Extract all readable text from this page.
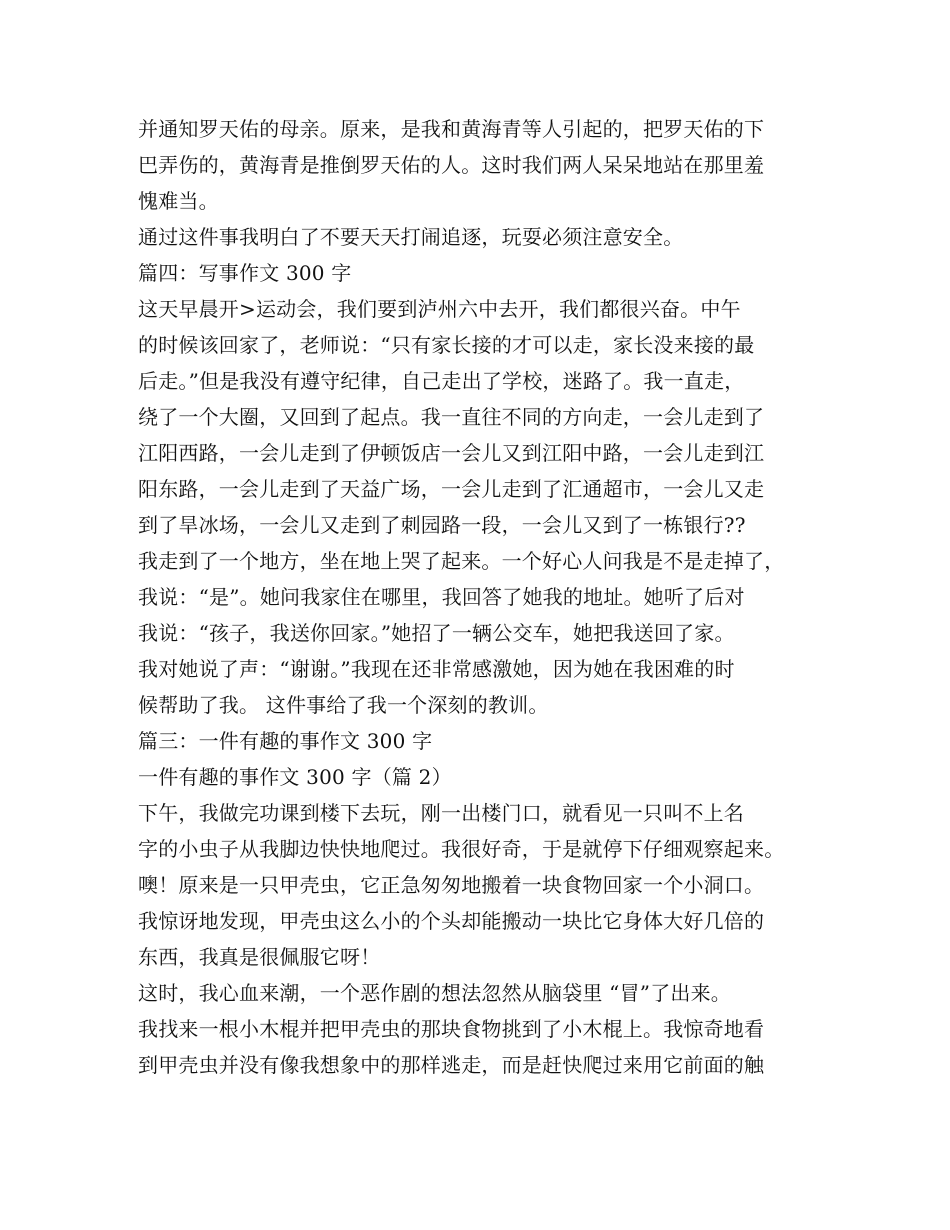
并通知罗天佑的母亲。原来，是我和黄海青等人引起的，把罗天佑的下
巴弄伤的，黄海青是推倒罗天佑的人。这时我们两人呆呆地站在那里羞
愧难当。
通过这件事我明白了不要天天打闹追逐，玩耍必须注意安全。
篇四：写事作文 300 字
这天早晨开>运动会，我们要到泸州六中去开，我们都很兴奋。中午
的时候该回家了，老师说：“只有家长接的才可以走，家长没来接的最
后走。”但是我没有遵守纪律，自己走出了学校，迷路了。我一直走，
绕了一个大圈，又回到了起点。我一直往不同的方向走，一会儿走到了
江阳西路，一会儿走到了伊顿饭店一会儿又到江阳中路，一会儿走到江
阳东路，一会儿走到了天益广场，一会儿走到了汇通超市，一会儿又走
到了旱冰场，一会儿又走到了刺园路一段，一会儿又到了一栋银行??
我走到了一个地方，坐在地上哭了起来。一个好心人问我是不是走掉了，
我说：“是”。她问我家住在哪里，我回答了她我的地址。她听了后对
我说：“孩子，我送你回家。”她招了一辆公交车，她把我送回了家。
我对她说了声：“谢谢。”我现在还非常感激她，因为她在我困难的时
候帮助了我。 这件事给了我一个深刻的教训。
篇三：一件有趣的事作文 300 字
一件有趣的事作文 300 字（篇 2）
下午，我做完功课到楼下去玩，刚一出楼门口，就看见一只叫不上名
字的小虫子从我脚边快快地爬过。我很好奇，于是就停下仔细观察起来。
噢！原来是一只甲壳虫，它正急匆匆地搬着一块食物回家一个小洞口。
我惊讶地发现，甲壳虫这么小的个头却能搬动一块比它身体大好几倍的
东西，我真是很佩服它呀！
这时，我心血来潮，一个恶作剧的想法忽然从脑袋里 “冒”了出来。
我找来一根小木棍并把甲壳虫的那块食物挑到了小木棍上。我惊奇地看
到甲壳虫并没有像我想象中的那样逃走，而是赶快爬过来用它前面的触
